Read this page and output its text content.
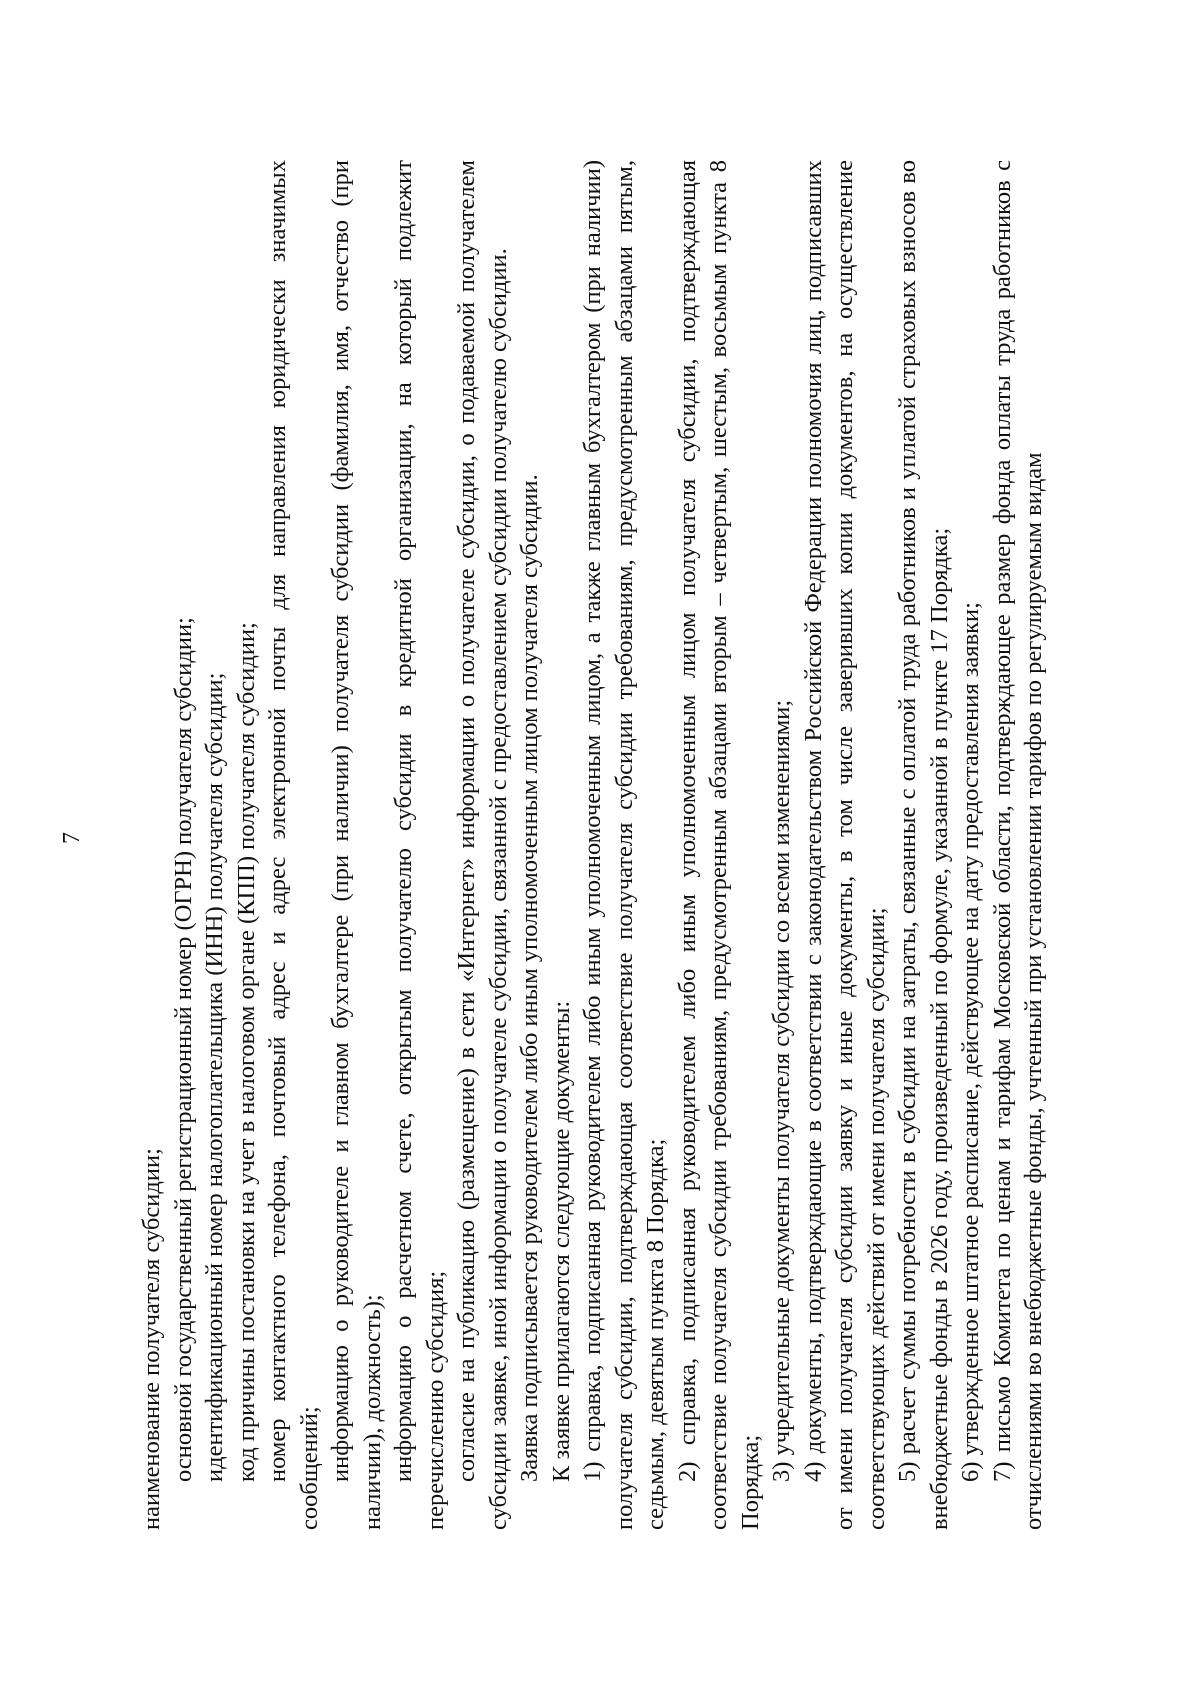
7

наименование получателя субсидии; основной государственный регистрационный номер (ОГРН) получателя субсидии; идентификационный номер налогоплательщика (ИНН) получателя субсидии; код причины постановки на учет в налоговом органе (КПП) получателя субсидии; номер контактного телефона, почтовый адрес и адрес электронной почты для направления юридически значимых сообщений; информацию о руководителе и главном бухгалтере (при наличии) получателя субсидии (фамилия, имя, отчество (при наличии), должность); информацию о расчетном счете, открытым получателю субсидии в кредитной организации, на который подлежит перечислению субсидия; согласие на публикацию (размещение) в сети «Интернет» информации о получателе субсидии, о подаваемой получателем субсидии заявке, иной информации о получателе субсидии, связанной с предоставлением субсидии получателю субсидии. Заявка подписывается руководителем либо иным уполномоченным лицом получателя субсидии. К заявке прилагаются следующие документы: 1) справка, подписанная руководителем либо иным уполномоченным лицом, а также главным бухгалтером (при наличии) получателя субсидии, подтверждающая соответствие получателя субсидии требованиям, предусмотренным абзацами пятым, седьмым, девятым пункта 8 Порядка; 2) справка, подписанная руководителем либо иным уполномоченным лицом получателя субсидии, подтверждающая соответствие получателя субсидии требованиям, предусмотренным абзацами вторым – четвертым, шестым, восьмым пункта 8 Порядка;

3) учредительные документы получателя субсидии со всеми изменениями; 4) документы, подтверждающие в соответствии с законодательством Российской Федерации полномочия лиц, подписавших от имени получателя субсидии заявку и иные документы, в том числе заверивших копии документов, на осуществление соответствующих действий от имени получателя субсидии; 5) расчет суммы потребности в субсидии на затраты, связанные с оплатой труда работников и уплатой страховых взносов во внебюджетные фонды в 2026 году, произведенный по формуле, указанной в пункте 17 Порядка; 6) утвержденное штатное расписание, действующее на дату предоставления заявки; 7) письмо Комитета по ценам и тарифам Московской области, подтверждающее размер фонда оплаты труда работников с отчислениями во внебюджетные фонды, учтенный при установлении тарифов по регулируемым видам
